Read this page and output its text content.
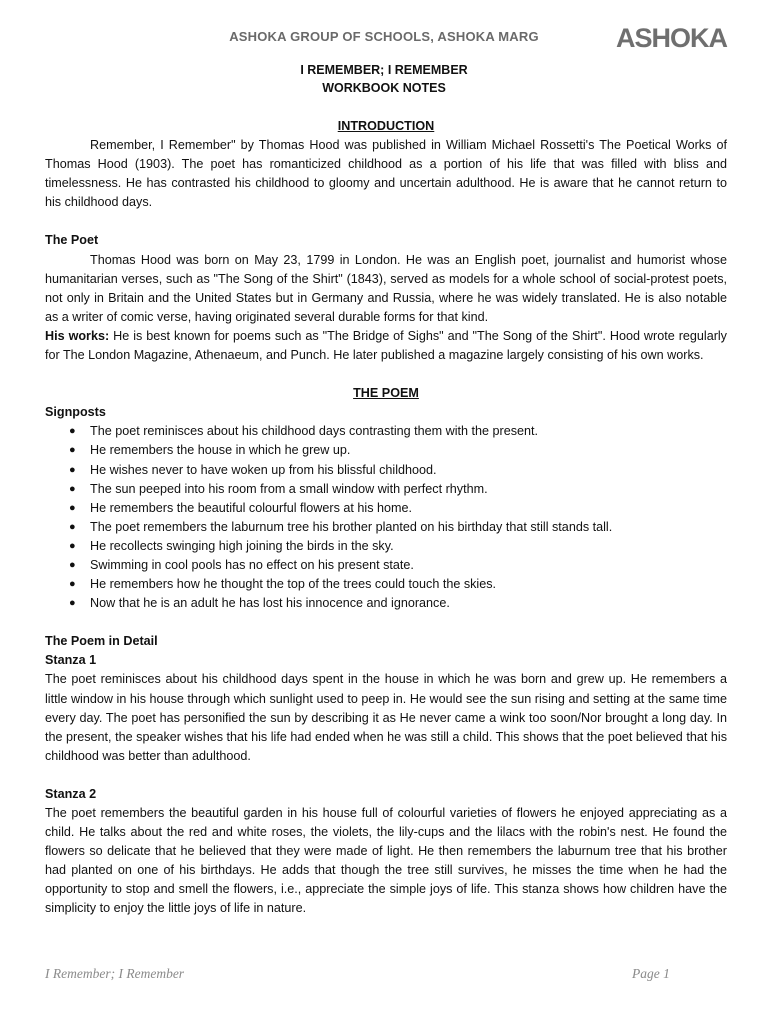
ASHOKA GROUP OF SCHOOLS, ASHOKA MARG	ASHOKA
I REMEMBER; I REMEMBER
WORKBOOK NOTES
INTRODUCTION

Remember, I Remember" by Thomas Hood was published in William Michael Rossetti's The Poetical Works of Thomas Hood (1903). The poet has romanticized childhood as a portion of his life that was filled with bliss and timelessness. He has contrasted his childhood to gloomy and uncertain adulthood. He is aware that he cannot return to his childhood days.

The Poet

Thomas Hood was born on May 23, 1799 in London. He was an English poet, journalist and humorist whose humanitarian verses, such as "The Song of the Shirt" (1843), served as models for a whole school of social-protest poets, not only in Britain and the United States but in Germany and Russia, where he was widely translated. He is also notable as a writer of comic verse, having originated several durable forms for that kind.

His works: He is best known for poems such as "The Bridge of Sighs" and "The Song of the Shirt". Hood wrote regularly for The London Magazine, Athenaeum, and Punch. He later published a magazine largely consisting of his own works.

THE POEM
Signposts
● The poet reminisces about his childhood days contrasting them with the present.
● He remembers the house in which he grew up.
● He wishes never to have woken up from his blissful childhood.
● The sun peeped into his room from a small window with perfect rhythm.
● He remembers the beautiful colourful flowers at his home.
● The poet remembers the laburnum tree his brother planted on his birthday that still stands tall.
● He recollects swinging high joining the birds in the sky.
● Swimming in cool pools has no effect on his present state.
● He remembers how he thought the top of the trees could touch the skies.
● Now that he is an adult he has lost his innocence and ignorance.
The Poem in Detail
Stanza 1

The poet reminisces about his childhood days spent in the house in which he was born and grew up. He remembers a little window in his house through which sunlight used to peep in. He would see the sun rising and setting at the same time every day. The poet has personified the sun by describing it as He never came a wink too soon/Nor brought a long day. In the present, the speaker wishes that his life had ended when he was still a child. This shows that the poet believed that his childhood was better than adulthood.

Stanza 2

The poet remembers the beautiful garden in his house full of colourful varieties of flowers he enjoyed appreciating as a child. He talks about the red and white roses, the violets, the lily-cups and the lilacs with the robin's nest. He found the flowers so delicate that he believed that they were made of light. He then remembers the laburnum tree that his brother had planted on one of his birthdays. He adds that though the tree still survives, he misses the time when he had the opportunity to stop and smell the flowers, i.e., appreciate the simple joys of life. This stanza shows how children have the simplicity to enjoy the little joys of life in nature.

I Remember; I Remember	Page 1
